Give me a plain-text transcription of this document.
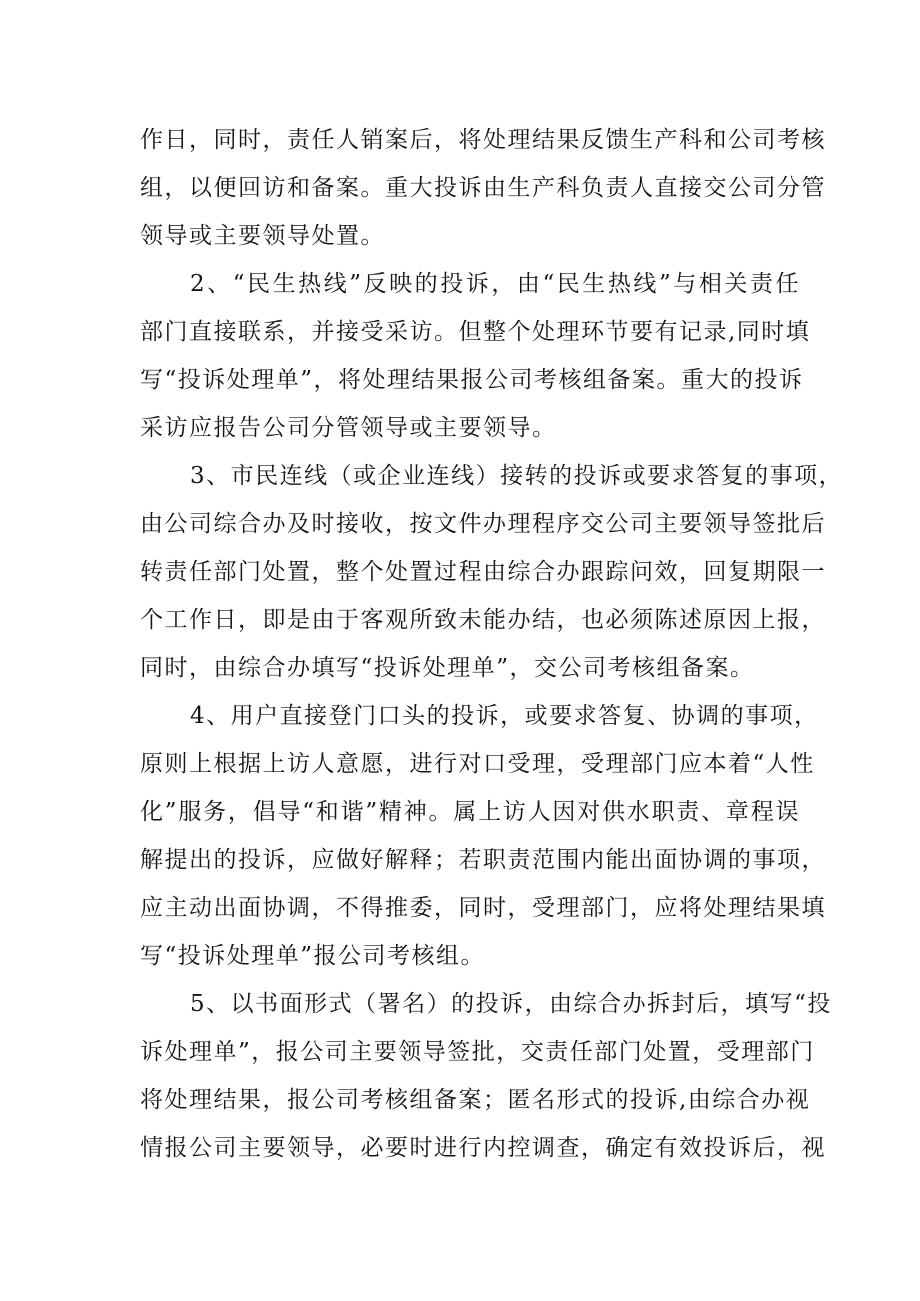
作日，同时，责任人销案后，将处理结果反馈生产科和公司考核
组，以便回访和备案。重大投诉由生产科负责人直接交公司分管
领导或主要领导处置。
2、“民生热线”反映的投诉，由“民生热线”与相关责任
部门直接联系，并接受采访。但整个处理环节要有记录,同时填
写“投诉处理单”，将处理结果报公司考核组备案。重大的投诉
采访应报告公司分管领导或主要领导。
3、市民连线（或企业连线）接转的投诉或要求答复的事项，
由公司综合办及时接收，按文件办理程序交公司主要领导签批后
转责任部门处置，整个处置过程由综合办跟踪问效，回复期限一
个工作日，即是由于客观所致未能办结，也必须陈述原因上报，
同时，由综合办填写“投诉处理单”，交公司考核组备案。
4、用户直接登门口头的投诉，或要求答复、协调的事项，
原则上根据上访人意愿，进行对口受理，受理部门应本着“人性
化”服务，倡导“和谐”精神。属上访人因对供水职责、章程误
解提出的投诉，应做好解释；若职责范围内能出面协调的事项，
应主动出面协调，不得推委，同时，受理部门，应将处理结果填
写“投诉处理单”报公司考核组。
5、以书面形式（署名）的投诉，由综合办拆封后，填写“投
诉处理单”，报公司主要领导签批，交责任部门处置，受理部门
将处理结果，报公司考核组备案；匿名形式的投诉,由综合办视
情报公司主要领导，必要时进行内控调查，确定有效投诉后，视
